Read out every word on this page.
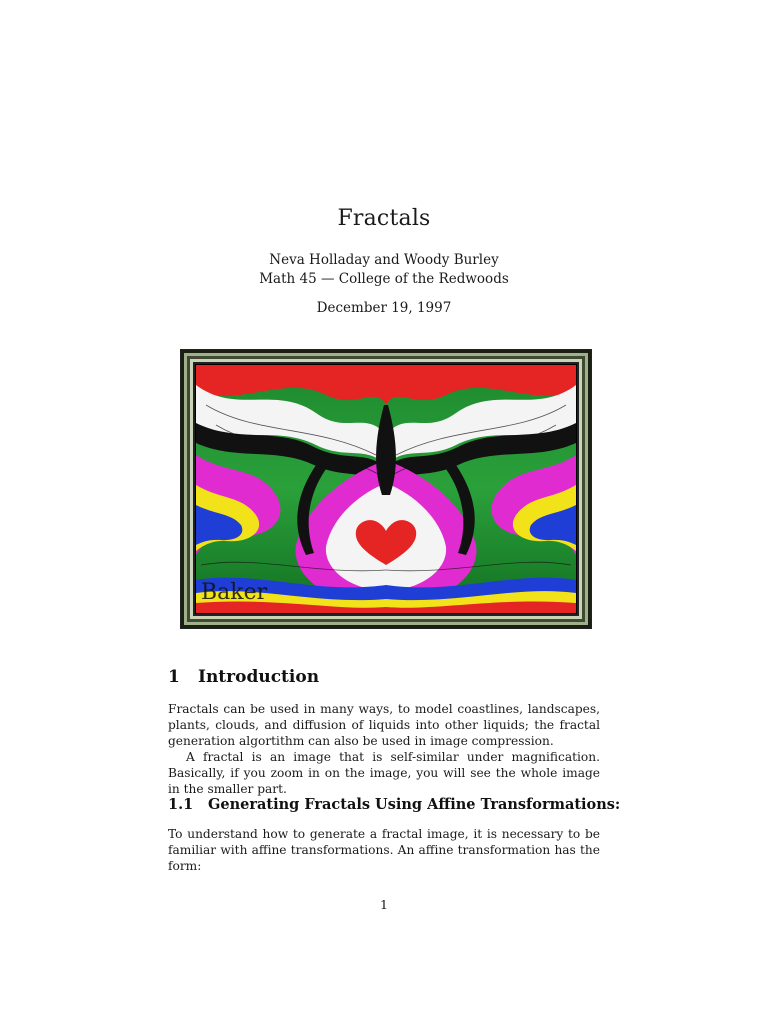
Fractals
Neva Holladay and Woody Burley
Math 45 — College of the Redwoods
December 19, 1997
Baker
1 Introduction
Fractals can be used in many ways, to model coastlines, landscapes, plants, clouds, and diffusion of liquids into other liquids; the fractal generation algortithm can also be used in image compression.
A fractal is an image that is self-similar under magnification. Basically, if you zoom in on the image, you will see the whole image in the smaller part.
1.1 Generating Fractals Using Affine Transformations:
To understand how to generate a fractal image, it is necessary to be familiar with affine transformations. An affine transformation has the form:
1
